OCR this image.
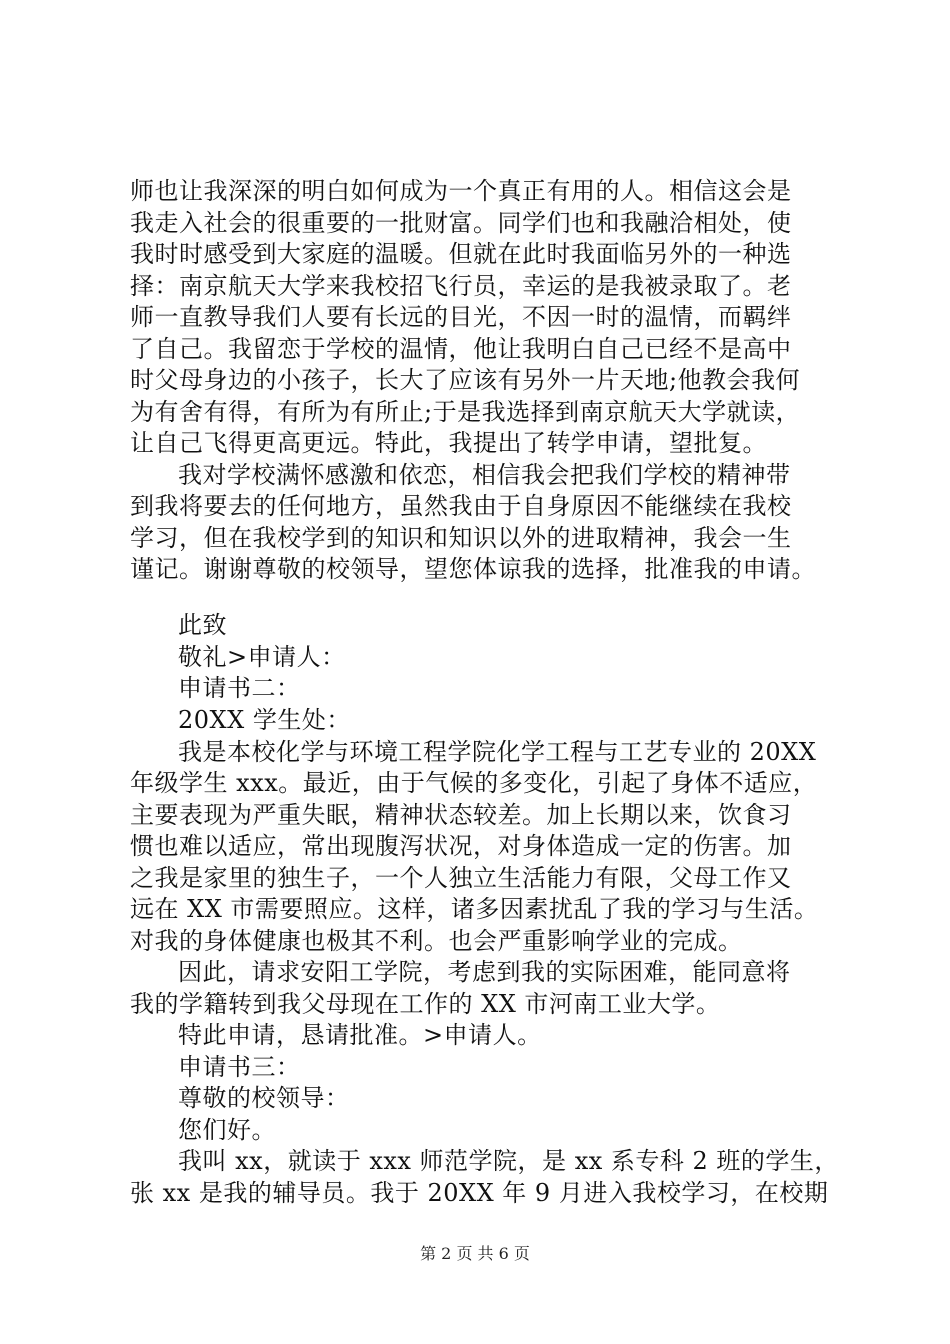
师也让我深深的明白如何成为一个真正有用的人。相信这会是
我走入社会的很重要的一批财富。同学们也和我融洽相处，使
我时时感受到大家庭的温暖。但就在此时我面临另外的一种选
择：南京航天大学来我校招飞行员，幸运的是我被录取了。老
师一直教导我们人要有长远的目光，不因一时的温情，而羁绊
了自己。我留恋于学校的温情，他让我明白自己已经不是高中
时父母身边的小孩子，长大了应该有另外一片天地;他教会我何
为有舍有得，有所为有所止;于是我选择到南京航天大学就读，
让自己飞得更高更远。特此，我提出了转学申请，望批复。
我对学校满怀感激和依恋，相信我会把我们学校的精神带
到我将要去的任何地方，虽然我由于自身原因不能继续在我校
学习，但在我校学到的知识和知识以外的进取精神，我会一生
谨记。谢谢尊敬的校领导，望您体谅我的选择，批准我的申请。
此致
敬礼>申请人：
申请书二：
20XX 学生处：
我是本校化学与环境工程学院化学工程与工艺专业的 20XX
年级学生 xxx。最近，由于气候的多变化，引起了身体不适应，
主要表现为严重失眠，精神状态较差。加上长期以来，饮食习
惯也难以适应，常出现腹泻状况，对身体造成一定的伤害。加
之我是家里的独生子，一个人独立生活能力有限，父母工作又
远在 XX 市需要照应。这样，诸多因素扰乱了我的学习与生活。
对我的身体健康也极其不利。也会严重影响学业的完成。
因此，请求安阳工学院，考虑到我的实际困难，能同意将
我的学籍转到我父母现在工作的 XX 市河南工业大学。
特此申请，恳请批准。>申请人。
申请书三：
尊敬的校领导：
您们好。
我叫 xx，就读于 xxx 师范学院，是 xx 系专科 2 班的学生，
张 xx 是我的辅导员。我于 20XX 年 9 月进入我校学习，在校期
第 2 页 共 6 页
